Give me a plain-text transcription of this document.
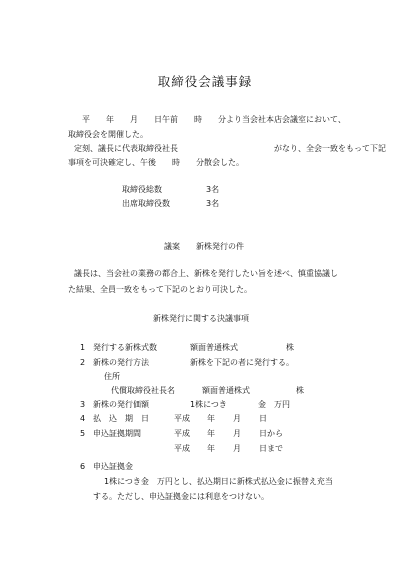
取締役会議事録
平　　年　　月　　日午前　　時　　分より当会社本店会議室において、
取締役会を開催した。
定刻、議長に代表取締役社長　　　　　　　　　　　　がなり、全会一致をもって下記
事項を可決確定し、午後　　時　　分散会した。
取締役総数	3名
出席取締役数	3名
議案 新株発行の件
議長は、当会社の業務の都合上、新株を発行したい旨を述べ、慎重協議し
た結果、全員一致をもって下記のとおり可決した。
新株発行に関する決議事項
1 発行する新株式数	額面普通株式	株
2 新株の発行方法	新株を下記の者に発行する。
住所
代償取締役社長名	額面普通株式	株
3 新株の発行価額	1株につき	金　万円
4 払　込　期　日	平成 年 月 日
5 申込証拠期間	平成 年 月 日から
平成 年 月 日まで
6 申込証拠金
1株につき金　万円とし、払込期日に新株式払込金に振替え充当
する。ただし、申込証拠金には利息をつけない。
